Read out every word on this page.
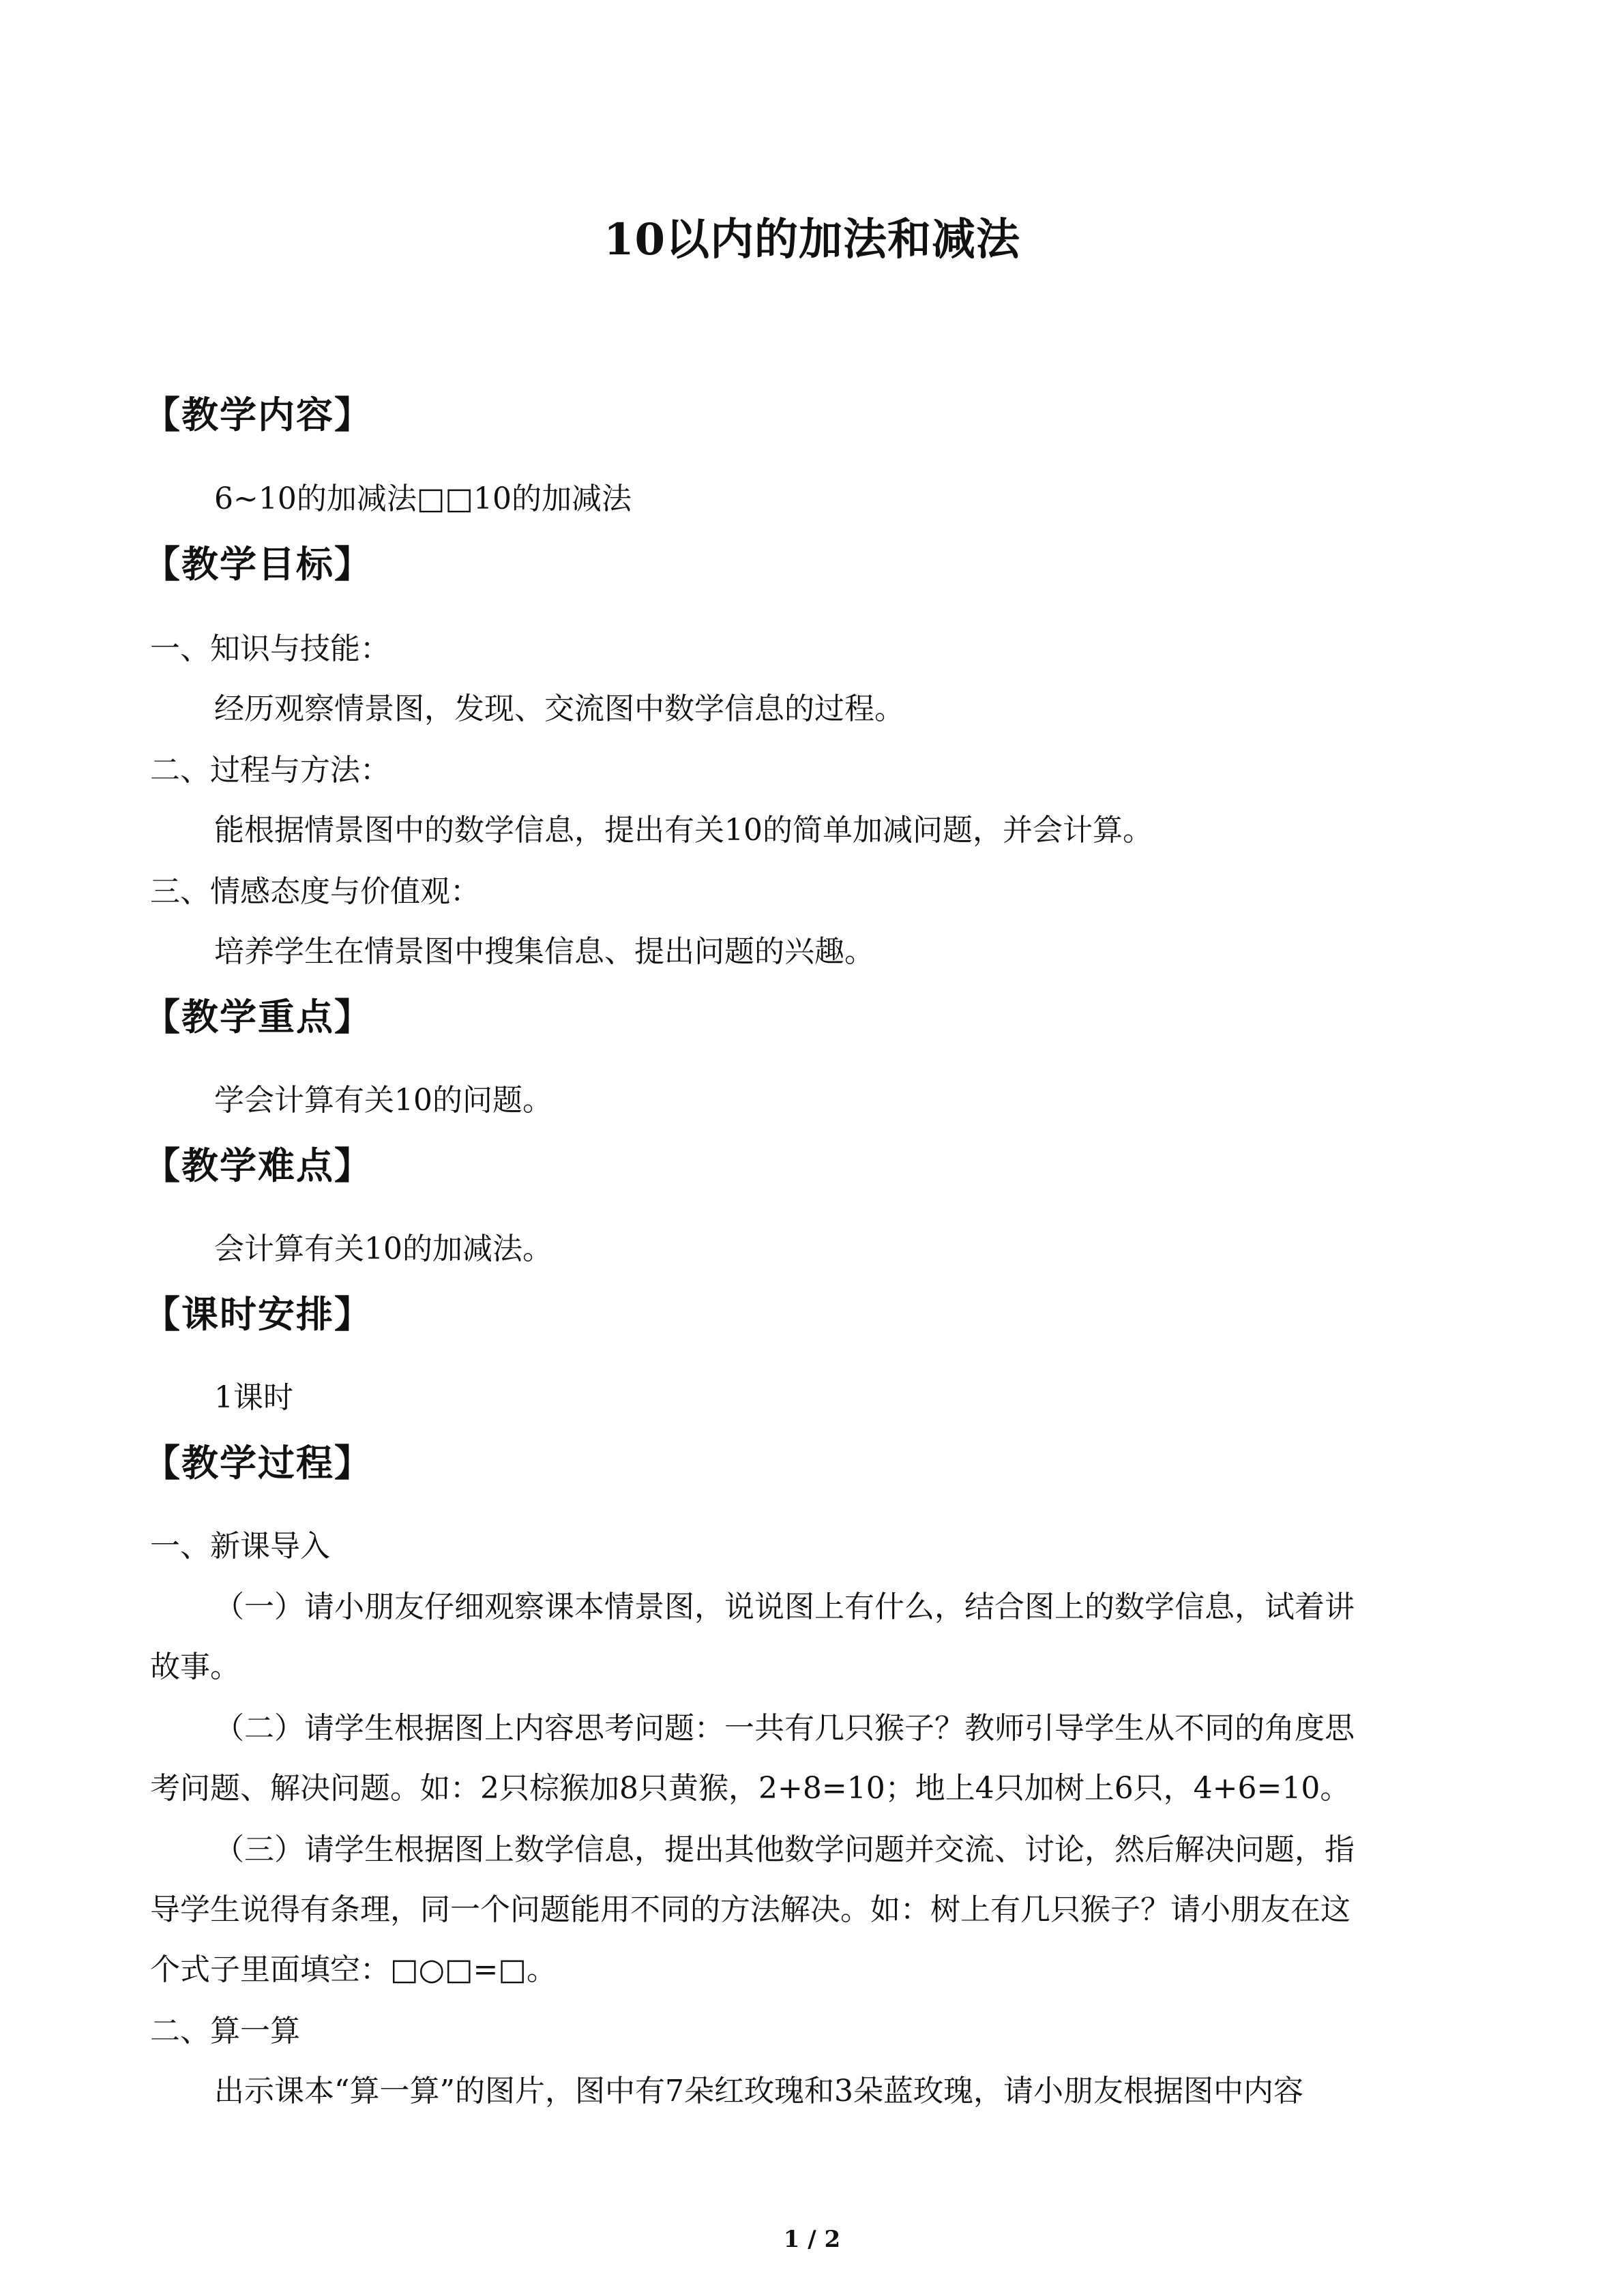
10以内的加法和减法
【教学内容】
6~10的加减法□□10的加减法
【教学目标】
一、知识与技能：
经历观察情景图，发现、交流图中数学信息的过程。
二、过程与方法：
能根据情景图中的数学信息，提出有关10的简单加减问题，并会计算。
三、情感态度与价值观：
培养学生在情景图中搜集信息、提出问题的兴趣。
【教学重点】
学会计算有关10的问题。
【教学难点】
会计算有关10的加减法。
【课时安排】
1课时
【教学过程】
一、新课导入
（一）请小朋友仔细观察课本情景图，说说图上有什么，结合图上的数学信息，试着讲
故事。
（二）请学生根据图上内容思考问题：一共有几只猴子？教师引导学生从不同的角度思
考问题、解决问题。如：2只棕猴加8只黄猴，2+8=10；地上4只加树上6只，4+6=10。
（三）请学生根据图上数学信息，提出其他数学问题并交流、讨论，然后解决问题，指
导学生说得有条理，同一个问题能用不同的方法解决。如：树上有几只猴子？请小朋友在这
个式子里面填空：□○□=□。
二、算一算
出示课本“算一算”的图片，图中有7朵红玫瑰和3朵蓝玫瑰，请小朋友根据图中内容
1 / 2
